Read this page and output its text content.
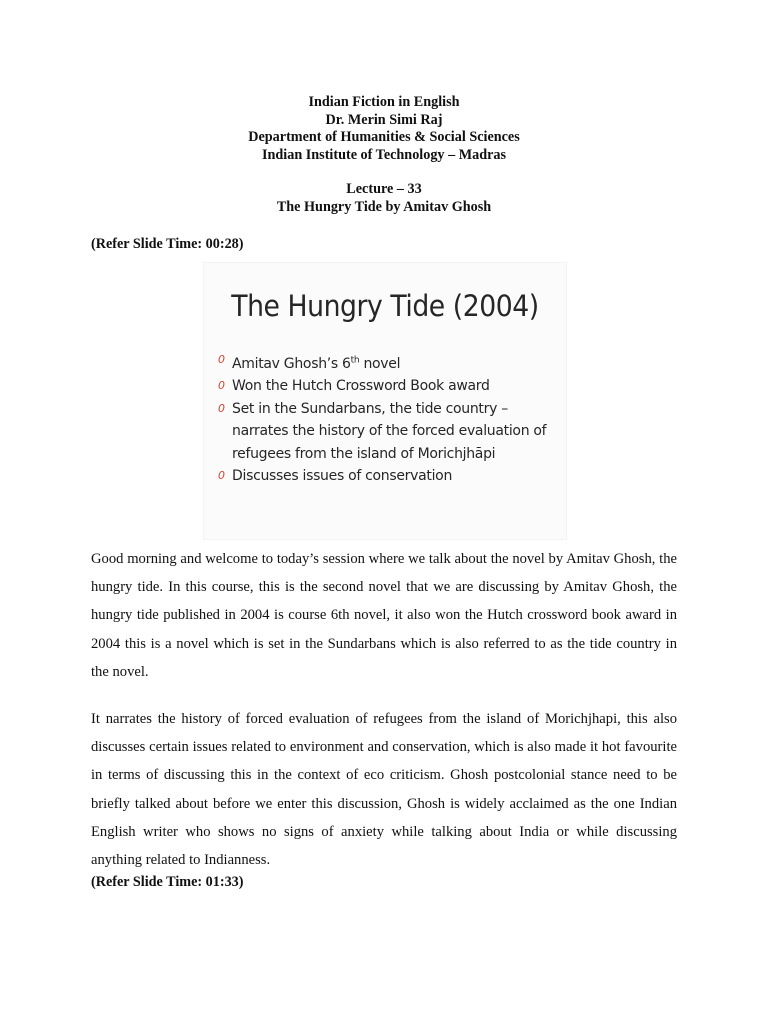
Indian Fiction in English
Dr. Merin Simi Raj
Department of Humanities & Social Sciences
Indian Institute of Technology – Madras
Lecture – 33
The Hungry Tide by Amitav Ghosh
(Refer Slide Time: 00:28)
The Hungry Tide (2004)
0 Amitav Ghosh’s 6th novel
0 Won the Hutch Crossword Book award
0 Set in the Sundarbans, the tide country – narrates the history of the forced evaluation of refugees from the island of Morichjhāpi
0 Discusses issues of conservation

Good morning and welcome to today’s session where we talk about the novel by Amitav Ghosh, the hungry tide. In this course, this is the second novel that we are discussing by Amitav Ghosh, the hungry tide published in 2004 is course 6th novel, it also won the Hutch crossword book award in 2004 this is a novel which is set in the Sundarbans which is also referred to as the tide country in the novel.

It narrates the history of forced evaluation of refugees from the island of Morichjhapi, this also discusses certain issues related to environment and conservation, which is also made it hot favourite in terms of discussing this in the context of eco criticism. Ghosh postcolonial stance need to be briefly talked about before we enter this discussion, Ghosh is widely acclaimed as the one Indian English writer who shows no signs of anxiety while talking about India or while discussing anything related to Indianness.

(Refer Slide Time: 01:33)
